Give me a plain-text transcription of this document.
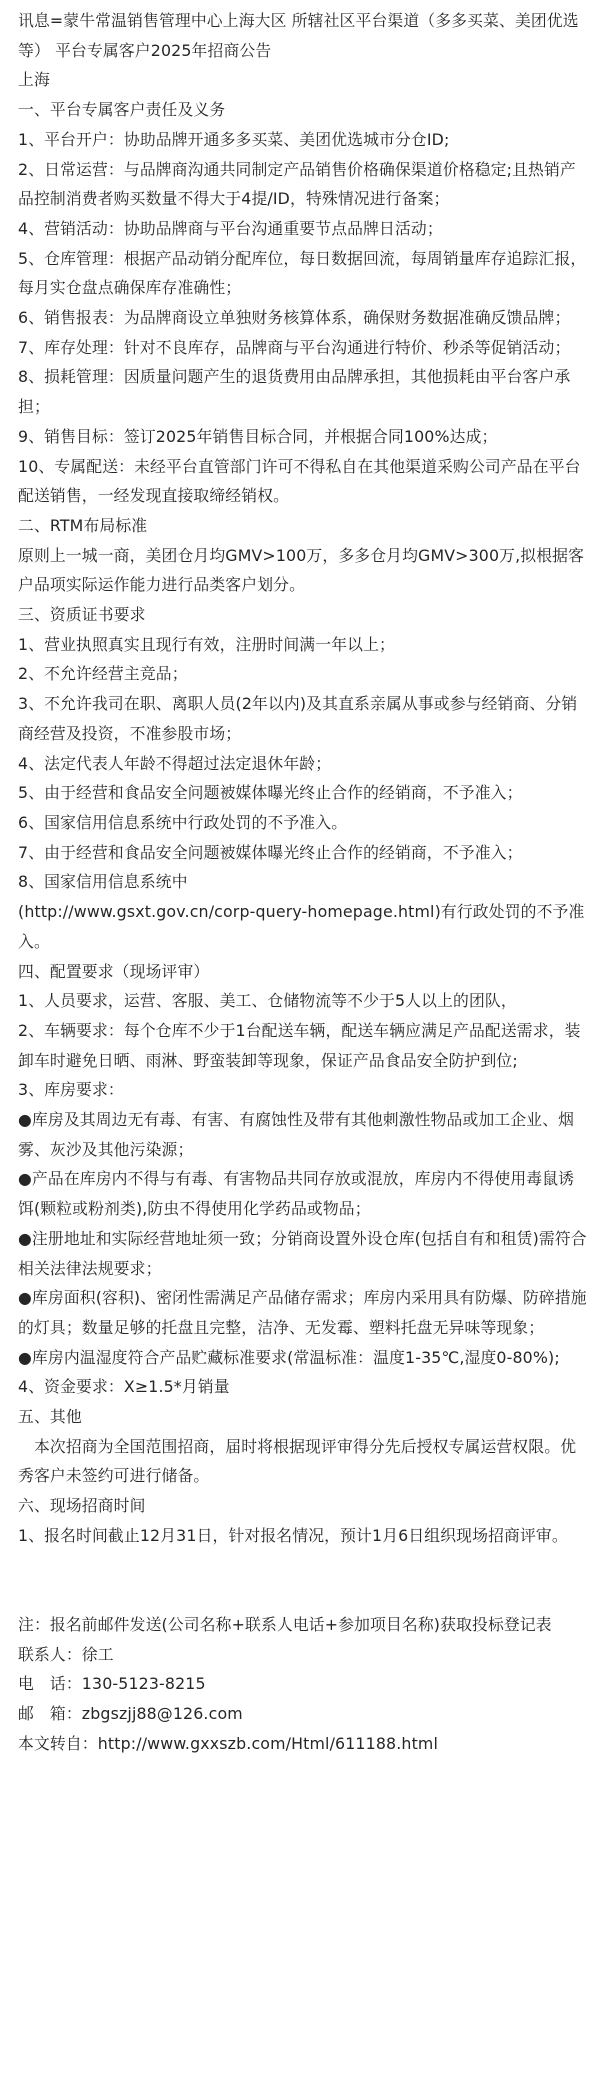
讯息=蒙牛常温销售管理中心上海大区 所辖社区平台渠道（多多买菜、美团优选等） 平台专属客户2025年招商公告

上海

一、平台专属客户责任及义务

1、平台开户：协助品牌开通多多买菜、美团优选城市分仓ID;

2、日常运营：与品牌商沟通共同制定产品销售价格确保渠道价格稳定;且热销产品控制消费者购买数量不得大于4提/ID，特殊情况进行备案；

4、营销活动：协助品牌商与平台沟通重要节点品牌日活动；

5、仓库管理：根据产品动销分配库位，每日数据回流，每周销量库存追踪汇报，每月实仓盘点确保库存准确性；

6、销售报表：为品牌商设立单独财务核算体系，确保财务数据准确反馈品牌；

7、库存处理：针对不良库存，品牌商与平台沟通进行特价、秒杀等促销活动；

8、损耗管理：因质量问题产生的退货费用由品牌承担，其他损耗由平台客户承担；

9、销售目标：签订2025年销售目标合同，并根据合同100%达成；

10、专属配送：未经平台直管部门许可不得私自在其他渠道采购公司产品在平台配送销售，一经发现直接取缔经销权。

二、RTM布局标准

原则上一城一商，美团仓月均GMV>100万，多多仓月均GMV>300万,拟根据客户品项实际运作能力进行品类客户划分。

三、资质证书要求

1、营业执照真实且现行有效，注册时间满一年以上；

2、不允许经营主竞品；

3、不允许我司在职、离职人员(2年以内)及其直系亲属从事或参与经销商、分销商经营及投资，不准参股市场；

4、法定代表人年龄不得超过法定退休年龄；

5、由于经营和食品安全问题被媒体曝光终止合作的经销商，不予准入；

6、国家信用信息系统中行政处罚的不予准入。

7、由于经营和食品安全问题被媒体曝光终止合作的经销商，不予准入；

8、国家信用信息系统中

(http://www.gsxt.gov.cn/corp-query-homepage.html)有行政处罚的不予准入。

四、配置要求（现场评审）

1、人员要求，运营、客服、美工、仓储物流等不少于5人以上的团队，

2、车辆要求：每个仓库不少于1台配送车辆，配送车辆应满足产品配送需求，装卸车时避免日晒、雨淋、野蛮装卸等现象，保证产品食品安全防护到位;

3、库房要求：

●库房及其周边无有毒、有害、有腐蚀性及带有其他刺激性物品或加工企业、烟雾、灰沙及其他污染源；

●产品在库房内不得与有毒、有害物品共同存放或混放，库房内不得使用毒鼠诱饵(颗粒或粉剂类),防虫不得使用化学药品或物品；

●注册地址和实际经营地址须一致；分销商设置外设仓库(包括自有和租赁)需符合相关法律法规要求；

●库房面积(容积)、密闭性需满足产品储存需求；库房内采用具有防爆、防碎措施的灯具；数量足够的托盘且完整，洁净、无发霉、塑料托盘无异味等现象；

●库房内温湿度符合产品贮藏标准要求(常温标准：温度1-35℃,湿度0-80%);

4、资金要求：X≥1.5*月销量

五、其他

　本次招商为全国范围招商，届时将根据现评审得分先后授权专属运营权限。优秀客户未签约可进行储备。

六、现场招商时间

1、报名时间截止12月31日，针对报名情况，预计1月6日组织现场招商评审。

注：报名前邮件发送(公司名称+联系人电话+参加项目名称)获取投标登记表

联系人：徐工

电　话：130-5123-8215

邮　箱：zbgszjj88@126.com

本文转自：http://www.gxxszb.com/Html/611188.html
